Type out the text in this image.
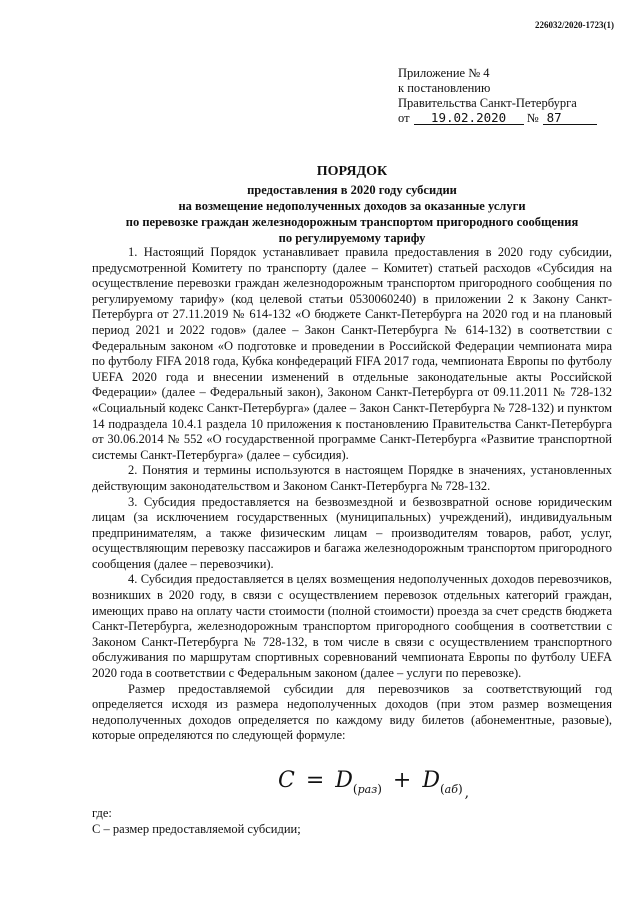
226032/2020-1723(1)
Приложение № 4
к постановлению
Правительства Санкт-Петербурга
от 19.02.2020 № 87
ПОРЯДОК
предоставления в 2020 году субсидии
на возмещение недополученных доходов за оказанные услуги
по перевозке граждан железнодорожным транспортом пригородного сообщения
по регулируемому тарифу

1. Настоящий Порядок устанавливает правила предоставления в 2020 году субсидии, предусмотренной Комитету по транспорту (далее – Комитет) статьей расходов «Субсидия на осуществление перевозки граждан железнодорожным транспортом пригородного сообщения по регулируемому тарифу» (код целевой статьи 0530060240) в приложении 2 к Закону Санкт-Петербурга от 27.11.2019 № 614-132 «О бюджете Санкт-Петербурга на 2020 год и на плановый период 2021 и 2022 годов» (далее – Закон Санкт-Петербурга № 614-132) в соответствии с Федеральным законом «О подготовке и проведении в Российской Федерации чемпионата мира по футболу FIFA 2018 года, Кубка конфедераций FIFA 2017 года, чемпионата Европы по футболу UEFA 2020 года и внесении изменений в отдельные законодательные акты Российской Федерации» (далее – Федеральный закон), Законом Санкт-Петербурга от 09.11.2011 № 728-132 «Социальный кодекс Санкт-Петербурга» (далее – Закон Санкт-Петербурга № 728-132) и пунктом 14 подраздела 10.4.1 раздела 10 приложения к постановлению Правительства Санкт-Петербурга от 30.06.2014 № 552 «О государственной программе Санкт-Петербурга «Развитие транспортной системы Санкт-Петербурга» (далее – субсидия).

2. Понятия и термины используются в настоящем Порядке в значениях, установленных действующим законодательством и Законом Санкт-Петербурга № 728-132.

3. Субсидия предоставляется на безвозмездной и безвозвратной основе юридическим лицам (за исключением государственных (муниципальных) учреждений), индивидуальным предпринимателям, а также физическим лицам – производителям товаров, работ, услуг, осуществляющим перевозку пассажиров и багажа железнодорожным транспортом пригородного сообщения (далее – перевозчики).

4. Субсидия предоставляется в целях возмещения недополученных доходов перевозчиков, возникших в 2020 году, в связи с осуществлением перевозок отдельных категорий граждан, имеющих право на оплату части стоимости (полной стоимости) проезда за счет средств бюджета Санкт-Петербурга, железнодорожным транспортом пригородного сообщения в соответствии с Законом Санкт-Петербурга № 728-132, в том числе в связи с осуществлением транспортного обслуживания по маршрутам спортивных соревнований чемпионата Европы по футболу UEFA 2020 года в соответствии с Федеральным законом (далее – услуги по перевозке).

Размер предоставляемой субсидии для перевозчиков за соответствующий год определяется исходя из размера недополученных доходов (при этом размер возмещения недополученных доходов определяется по каждому виду билетов (абонементные, разовые), которые определяются по следующей формуле:

$C = D_{(раз)} + D_{(аб)}$ $_,$

где:

С – размер предоставляемой субсидии;
